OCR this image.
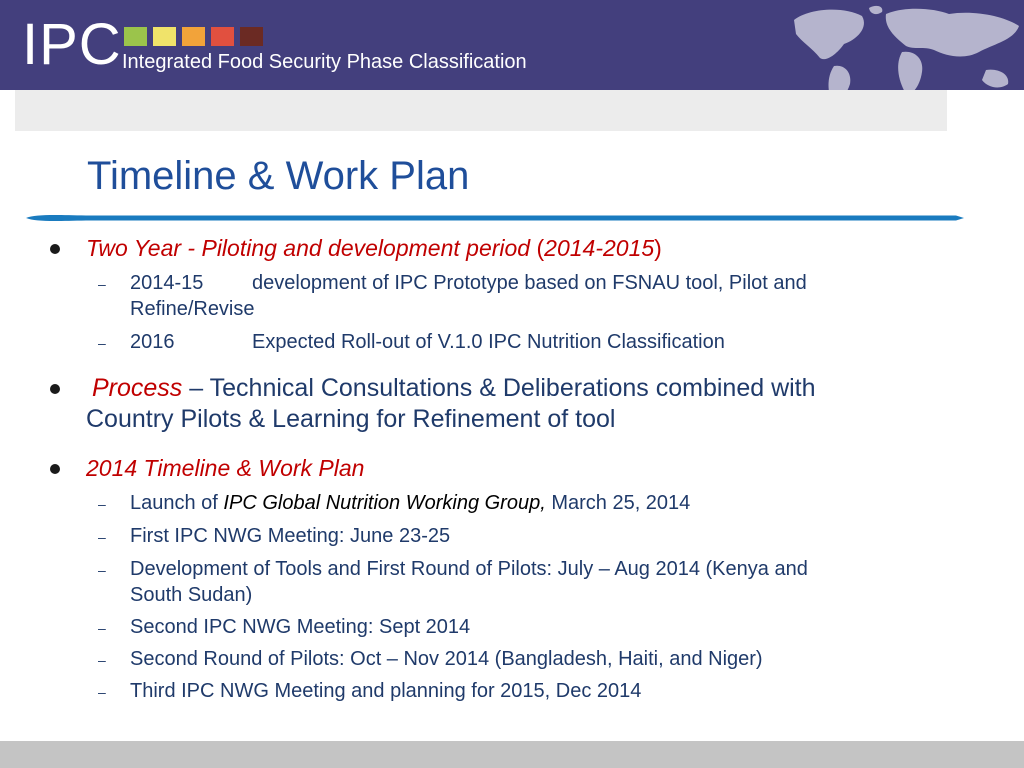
IPC Integrated Food Security Phase Classification
Timeline & Work Plan
Two Year - Piloting and development period (2014-2015)
– 2014-15 development of IPC Prototype based on FSNAU tool, Pilot and
Refine/Revise
– 2016	Expected Roll-out of V.1.0 IPC Nutrition Classification
Process – Technical Consultations & Deliberations combined with
Country Pilots & Learning for Refinement of tool
2014 Timeline & Work Plan
– Launch of IPC Global Nutrition Working Group, March 25, 2014
– First IPC NWG Meeting: June 23-25
– Development of Tools and First Round of Pilots: July – Aug 2014 (Kenya and
South Sudan)
– Second IPC NWG Meeting: Sept 2014
– Second Round of Pilots: Oct – Nov 2014 (Bangladesh, Haiti, and Niger)
– Third IPC NWG Meeting and planning for 2015, Dec 2014
